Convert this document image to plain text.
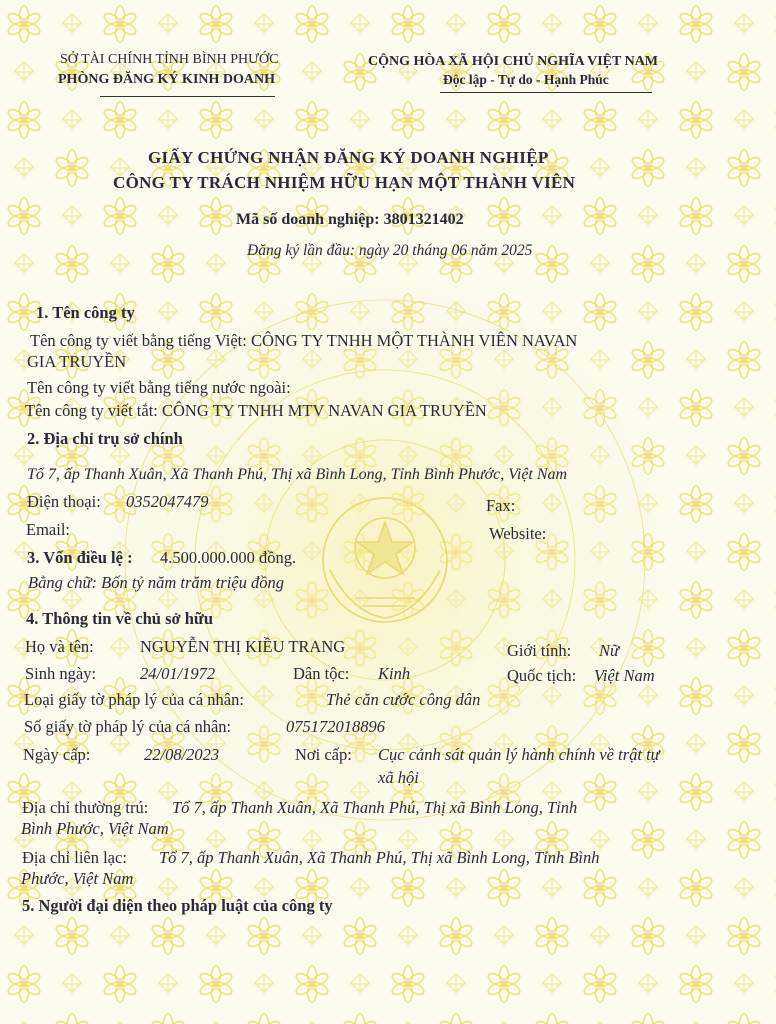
SỞ TÀI CHÍNH TỈNH BÌNH PHƯỚC
PHÒNG ĐĂNG KÝ KINH DOANH
CỘNG HÒA XÃ HỘI CHỦ NGHĨA VIỆT NAM
Độc lập - Tự do - Hạnh Phúc
GIẤY CHỨNG NHẬN ĐĂNG KÝ DOANH NGHIỆP
CÔNG TY TRÁCH NHIỆM HỮU HẠN MỘT THÀNH VIÊN
Mã số doanh nghiệp: 3801321402
Đăng ký lần đầu: ngày 20 tháng 06 năm 2025
1. Tên công ty
Tên công ty viết bằng tiếng Việt: CÔNG TY TNHH MỘT THÀNH VIÊN NAVAN
GIA TRUYỀN
Tên công ty viết bằng tiếng nước ngoài:
Tên công ty viết tắt: CÔNG TY TNHH MTV NAVAN GIA TRUYỀN
2. Địa chỉ trụ sở chính
Tổ 7, ấp Thanh Xuân, Xã Thanh Phú, Thị xã Bình Long, Tỉnh Bình Phước, Việt Nam
Điện thoại: 0352047479	Fax:
Email:	Website:
3. Vốn điều lệ : 4.500.000.000 đồng.
Bằng chữ: Bốn tỷ năm trăm triệu đồng
4. Thông tin về chủ sở hữu
Họ và tên:	NGUYỄN THỊ KIỀU TRANG	Giới tính: Nữ
Sinh ngày:	24/01/1972	Dân tộc: Kinh	Quốc tịch: Việt Nam
Loại giấy tờ pháp lý của cá nhân:	Thẻ căn cước công dân
Số giấy tờ pháp lý của cá nhân:	075172018896
Ngày cấp:	22/08/2023	Nơi cấp: Cục cảnh sát quản lý hành chính về trật tự
xã hội
Địa chỉ thường trú: Tổ 7, ấp Thanh Xuân, Xã Thanh Phú, Thị xã Bình Long, Tỉnh
Bình Phước, Việt Nam
Địa chỉ liên lạc: Tổ 7, ấp Thanh Xuân, Xã Thanh Phú, Thị xã Bình Long, Tỉnh Bình
Phước, Việt Nam
5. Người đại diện theo pháp luật của công ty
